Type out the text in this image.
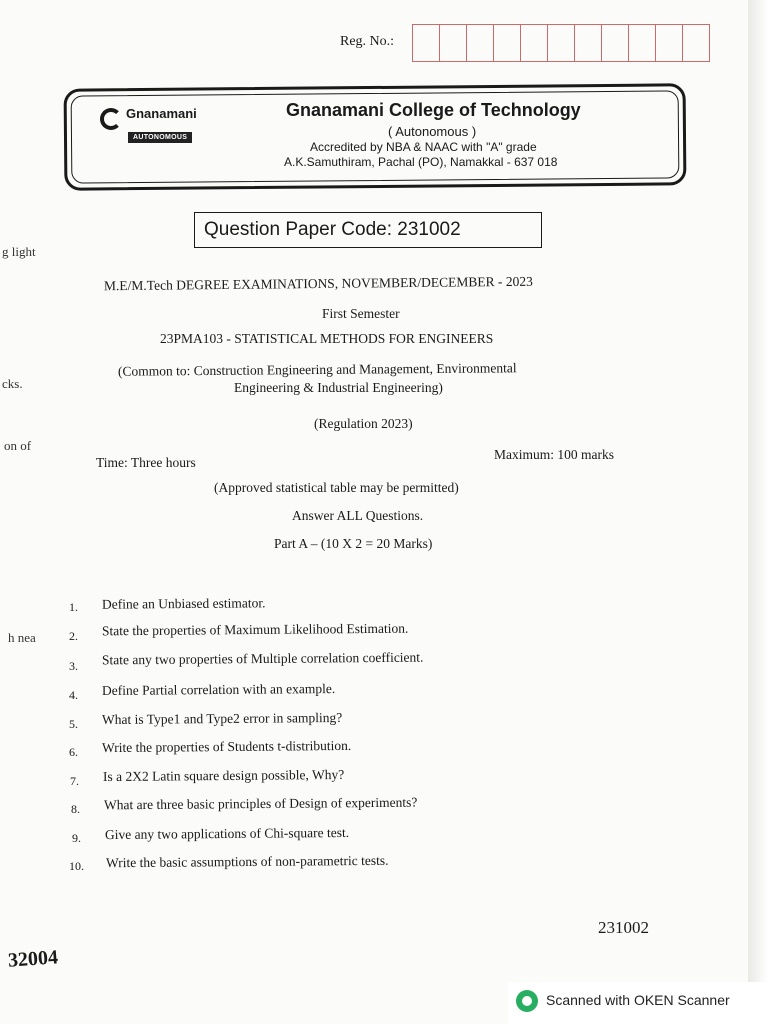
Reg. No.:
Gnanamani
AUTONOMOUS
Gnanamani College of Technology
( Autonomous )
Accredited by NBA & NAAC with "A" grade
A.K.Samuthiram, Pachal (PO), Namakkal - 637 018
Question Paper Code: 231002
g light
cks.
on of
h nea
M.E/M.Tech DEGREE EXAMINATIONS, NOVEMBER/DECEMBER - 2023
First Semester
23PMA103 - STATISTICAL METHODS FOR ENGINEERS
(Common to: Construction Engineering and Management, Environmental
Engineering & Industrial Engineering)
(Regulation 2023)
Time: Three hours
Maximum: 100 marks
(Approved statistical table may be permitted)
Answer ALL Questions.
Part A – (10 X 2 = 20 Marks)
1. Define an Unbiased estimator.
2. State the properties of Maximum Likelihood Estimation.
3. State any two properties of Multiple correlation coefficient.
4. Define Partial correlation with an example.
5. What is Type1 and Type2 error in sampling?
6. Write the properties of Students t-distribution.
7. Is a 2X2 Latin square design possible, Why?
8. What are three basic principles of Design of experiments?
9. Give any two applications of Chi-square test.
10. Write the basic assumptions of non-parametric tests.
231002
32004
Scanned with OKEN Scanner
